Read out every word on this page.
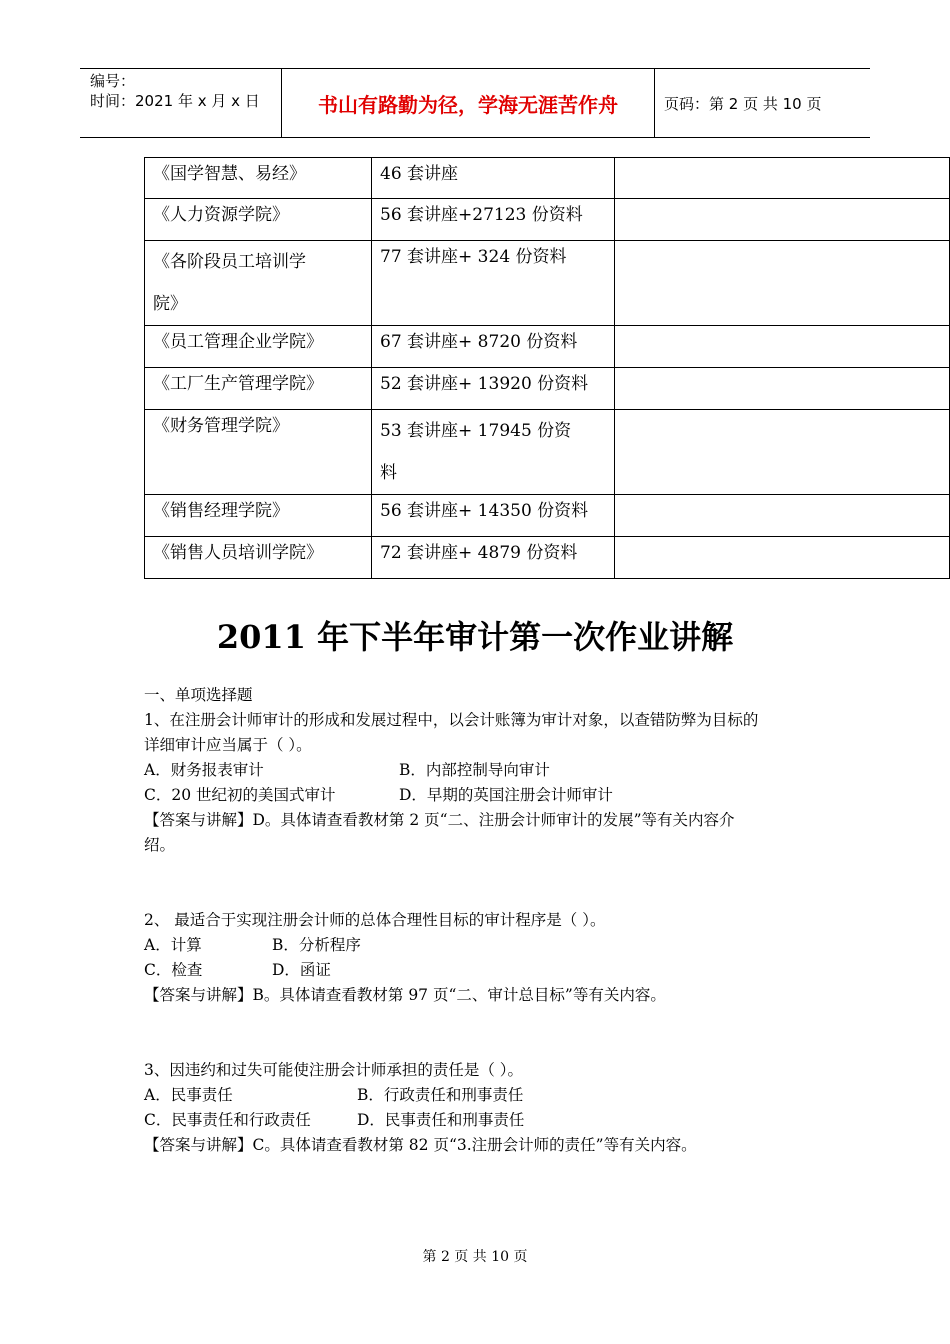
编号：
时间：2021 年 x 月 x 日	书山有路勤为径，学海无涯苦作舟	页码：第 2 页 共 10 页
《国学智慧、易经》	46 套讲座	
《人力资源学院》	56 套讲座+27123 份资料	

《各阶段员工培训学
院》	77 套讲座+ 324 份资料	
《员工管理企业学院》	67 套讲座+ 8720 份资料	
《工厂生产管理学院》	52 套讲座+ 13920 份资料	
《财务管理学院》	53 套讲座+ 17945 份资
料	

《销售经理学院》	56 套讲座+ 14350 份资料	
《销售人员培训学院》	72 套讲座+ 4879 份资料	
2011 年下半年审计第一次作业讲解

一、单项选择题

1、在注册会计师审计的形成和发展过程中，以会计账簿为审计对象，以查错防弊为目标的

详细审计应当属于（ ）。

A．财务报表审计	B．内部控制导向审计
C．20 世纪初的美国式审计	D．早期的英国注册会计师审计

【答案与讲解】D。具体请查看教材第 2 页“二、注册会计师审计的发展”等有关内容介

绍。

2、 最适合于实现注册会计师的总体合理性目标的审计程序是（ ）。

A．计算	B．分析程序
C．检查	D．函证

【答案与讲解】B。具体请查看教材第 97 页“二、审计总目标”等有关内容。

3、因违约和过失可能使注册会计师承担的责任是（ ）。

A．民事责任	B．行政责任和刑事责任
C．民事责任和行政责任	D．民事责任和刑事责任

【答案与讲解】C。具体请查看教材第 82 页“3.注册会计师的责任”等有关内容。

第 2 页 共 10 页
